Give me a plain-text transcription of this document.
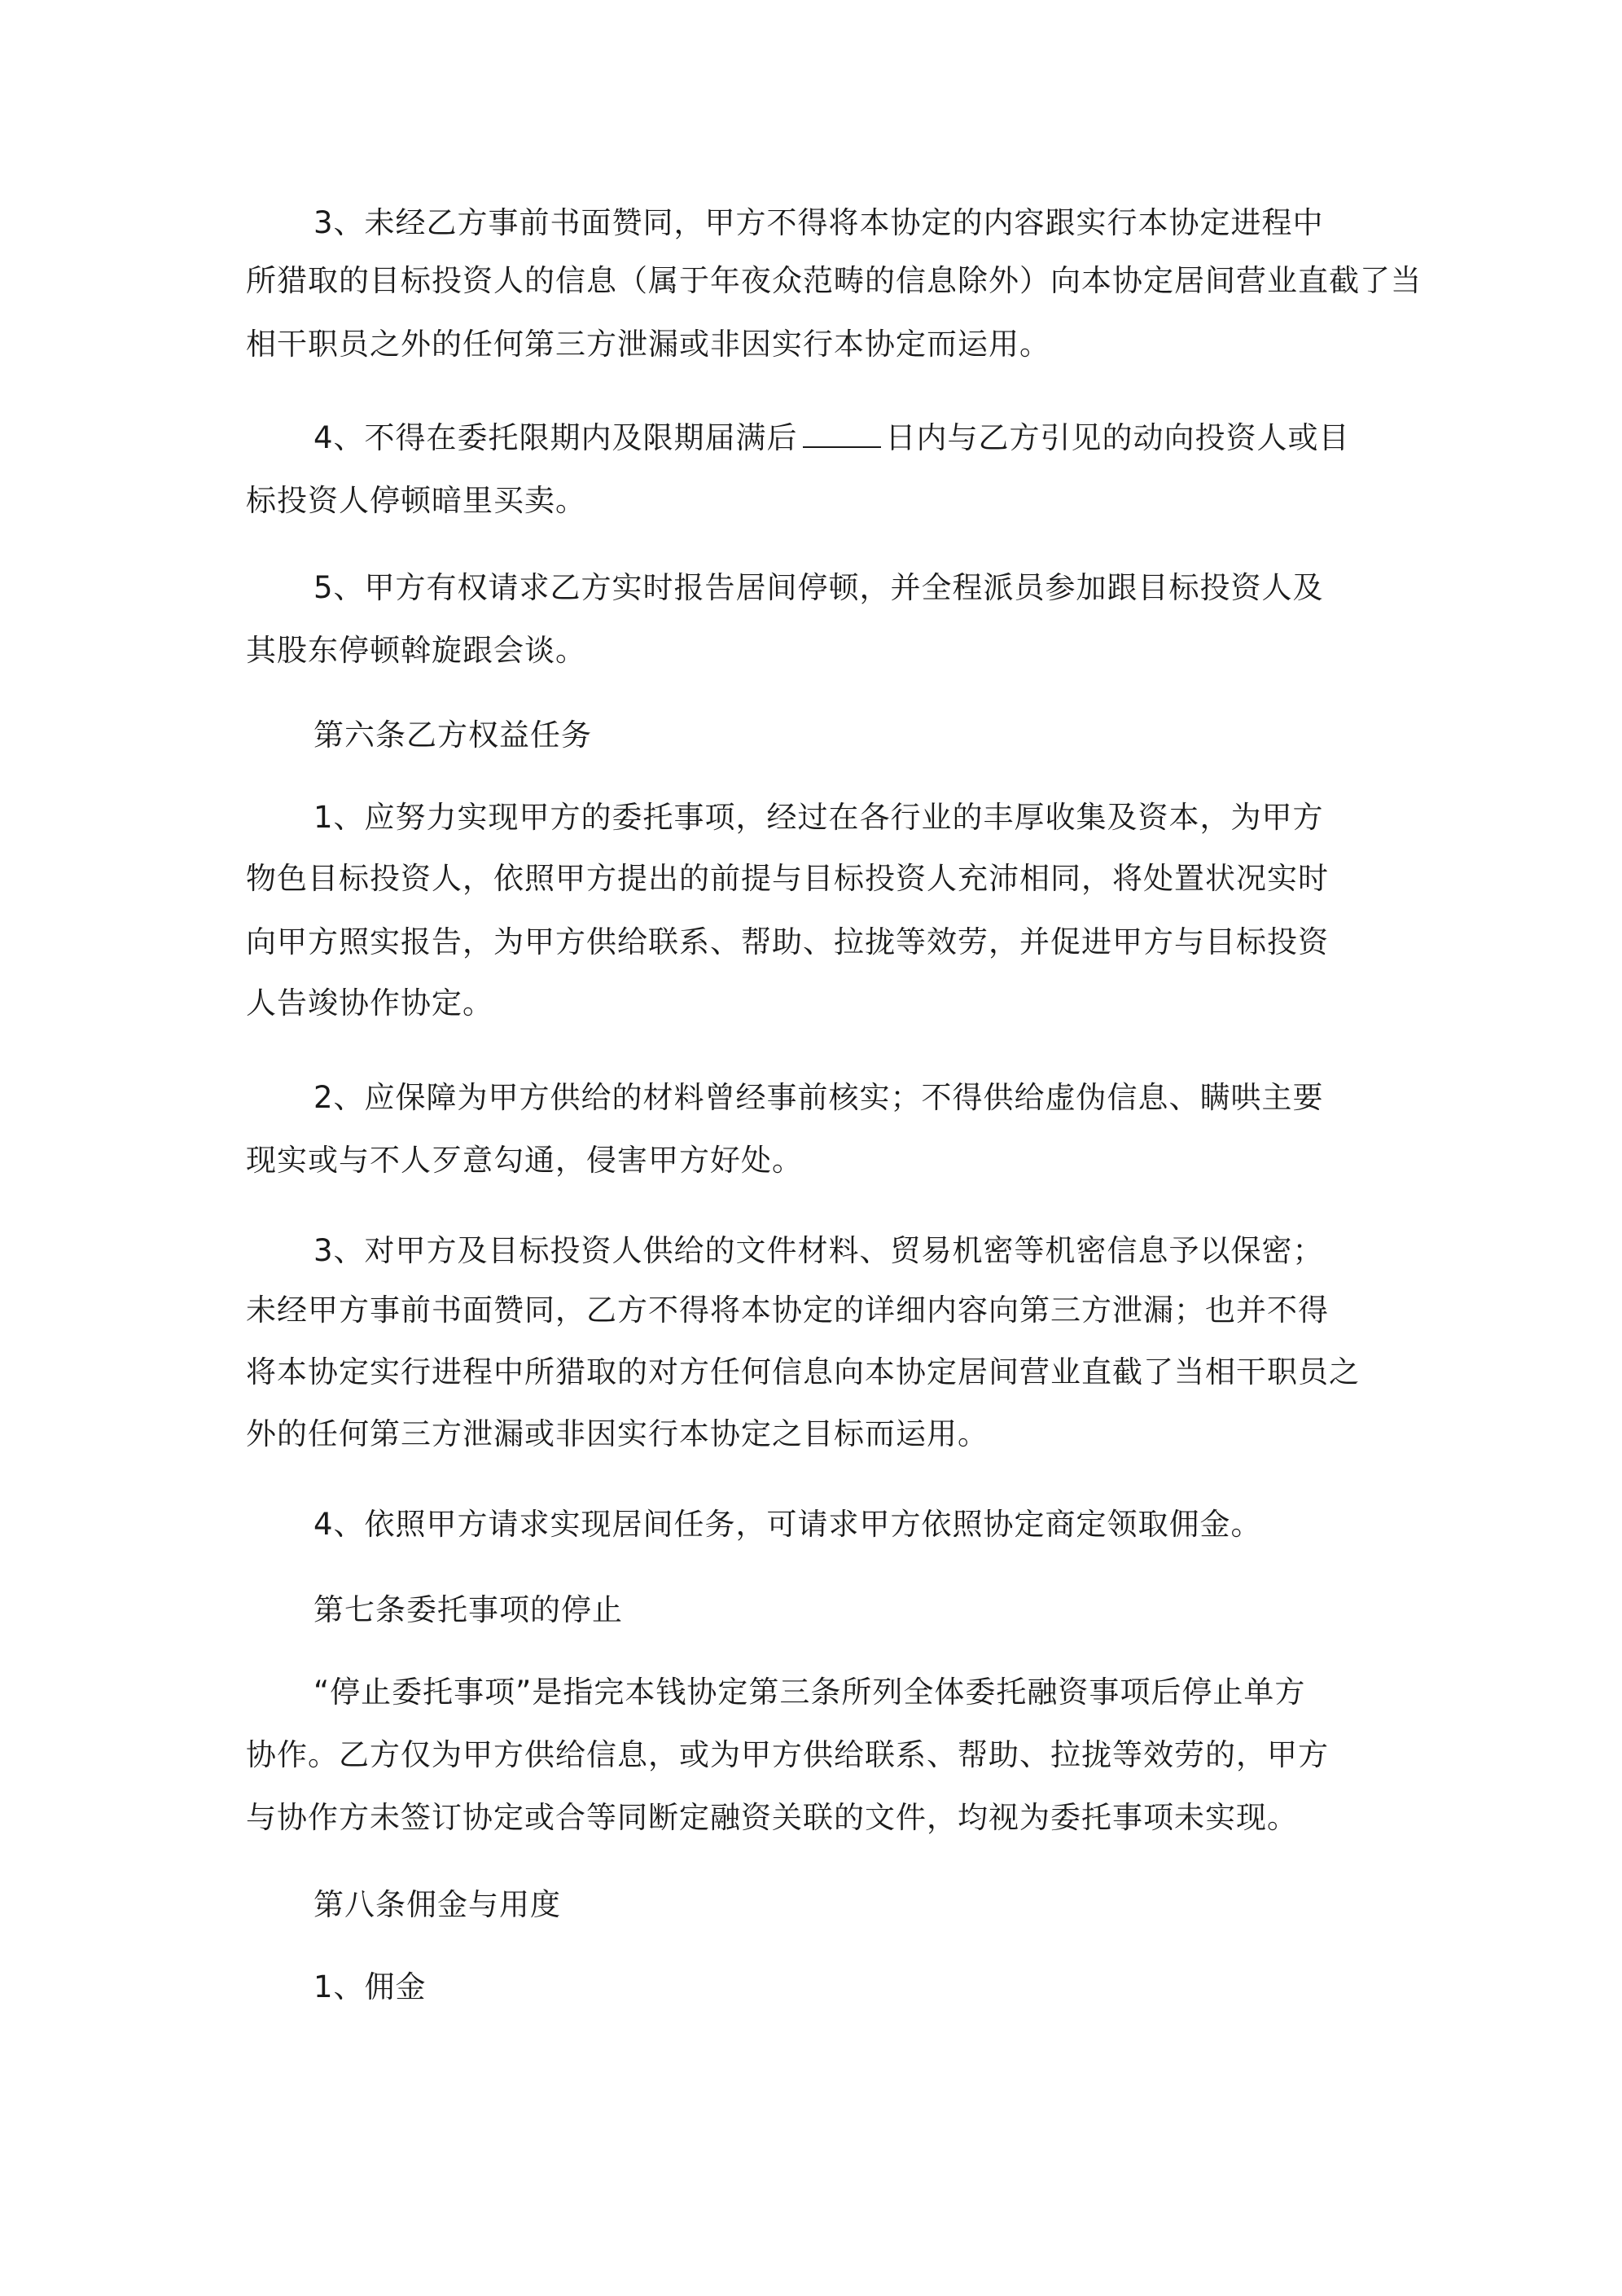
3、未经乙方事前书面赞同，甲方不得将本协定的内容跟实行本协定进程中
所猎取的目标投资人的信息（属于年夜众范畴的信息除外）向本协定居间营业直截了当
相干职员之外的任何第三方泄漏或非因实行本协定而运用。
4、不得在委托限期内及限期届满后	日内与乙方引见的动向投资人或目
标投资人停顿暗里买卖。
5、甲方有权请求乙方实时报告居间停顿，并全程派员参加跟目标投资人及
其股东停顿斡旋跟会谈。
第六条乙方权益任务
1、应努力实现甲方的委托事项，经过在各行业的丰厚收集及资本，为甲方
物色目标投资人，依照甲方提出的前提与目标投资人充沛相同，将处置状况实时
向甲方照实报告，为甲方供给联系、帮助、拉拢等效劳，并促进甲方与目标投资
人告竣协作协定。
2、应保障为甲方供给的材料曾经事前核实；不得供给虚伪信息、瞒哄主要
现实或与不人歹意勾通，侵害甲方好处。
3、对甲方及目标投资人供给的文件材料、贸易机密等机密信息予以保密；
未经甲方事前书面赞同，乙方不得将本协定的详细内容向第三方泄漏；也并不得
将本协定实行进程中所猎取的对方任何信息向本协定居间营业直截了当相干职员之
外的任何第三方泄漏或非因实行本协定之目标而运用。
4、依照甲方请求实现居间任务，可请求甲方依照协定商定领取佣金。
第七条委托事项的停止
“停止委托事项”是指完本钱协定第三条所列全体委托融资事项后停止单方
协作。乙方仅为甲方供给信息，或为甲方供给联系、帮助、拉拢等效劳的，甲方
与协作方未签订协定或合等同断定融资关联的文件，均视为委托事项未实现。
第八条佣金与用度
1、佣金
